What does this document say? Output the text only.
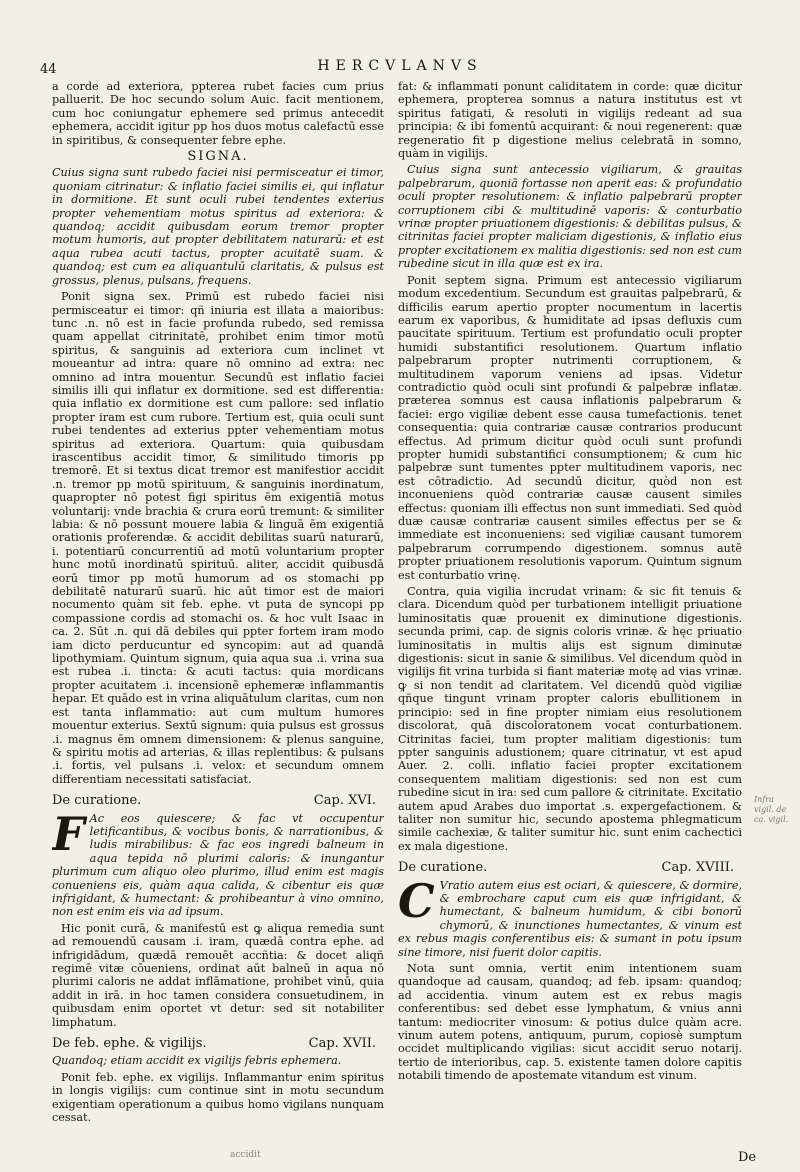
44	HERCVLANVS

a corde ad exteriora, ppterea rubet facies cum prius palluerit. De hoc secundo solum Auic. facit mentionem, cum hoc coniungatur ephemere sed primus antecedit ephemera, accidit igitur pp hos duos motus calefactū esse in spiritibus, & consequenter febre ephe.

SIGNA.

Cuius signa sunt rubedo faciei nisi permisceatur ei timor, quoniam citrinatur: & inflatio faciei similis ei, qui inflatur in dormitione. Et sunt oculi rubei tendentes exterius propter vehementiam motus spiritus ad exteriora: & quandoq; accidit quibusdam eorum tremor propter motum humoris, aut propter debilitatem naturarū: et est aqua rubea acuti tactus, propter acuitatē suam. & quandoq; est cum ea aliquantulū claritatis, & pulsus est grossus, plenus, pulsans, frequens.

Ponit signa sex. Primū est rubedo faciei nisi permisceatur ei timor: qñ iniuria est illata a maioribus: tunc .n. nō est in facie profunda rubedo, sed remissa quam appellat citrinitatē, prohibet enim timor motū spiritus, & sanguinis ad exteriora cum inclinet vt moueantur ad intra: quare nō omnino ad extra: nec omnino ad intra mouentur. Secundū est inflatio faciei similis illi qui inflatur ex dormitione. sed est differentia: quia inflatio ex dormitione est cum pallore: sed inflatio propter iram est cum rubore. Tertium est, quia oculi sunt rubei tendentes ad exterius ppter vehementiam motus spiritus ad exteriora. Quartum: quia quibusdam irascentibus accidit timor, & similitudo timoris pp tremorē. Et si textus dicat tremor est manifestior accidit .n. tremor pp motū spirituum, & sanguinis inordinatum, quapropter nō potest figi spiritus ēm exigentiā motus voluntarij: vnde brachia & crura eorū tremunt: & similiter labia: & nō possunt mouere labia & linguā ēm exigentiā orationis proferendæ. & accidit debilitas suarū naturarū, i. potentiarū concurrentiū ad motū voluntarium propter hunc motū inordinatū spirituū. aliter, accidit quibusdā eorū timor pp motū humorum ad os stomachi pp debilitatē naturarū suarū. hic aūt timor est de maiori nocumento quàm sit feb. ephe. vt puta de syncopi pp compassione cordis ad stomachi os. & hoc vult Isaac in ca. 2. Sūt .n. qui dā debiles qui ppter fortem iram modo iam dicto perducuntur ed syncopim: aut ad quandā lipothymiam. Quintum signum, quia aqua sua .i. vrina sua est rubea .i. tincta: & acuti tactus: quia mordicans propter acuitatem .i. incensionē ephemeræ inflammantis hepar. Et quādo est in vrina aliquātulum claritas, cum non est tanta inflammatio: aut cum multum humores mouentur exterius. Sextū signum: quia pulsus est grossus .i. magnus ēm omnem dimensionem: & plenus sanguine, & spiritu motis ad arterias, & illas replentibus: & pulsans .i. fortis, vel pulsans .i. velox: et secundum omnem differentiam necessitati satisfaciat.

De curatione.	Cap. XVI.

F Ac eos quiescere; & fac vt occupentur letificantibus, & vocibus bonis, & narrationibus, & ludis mirabilibus: & fac eos ingredi balneum in aqua tepida nō plurimi caloris: & inungantur plurimum cum aliquo oleo plurimo, illud enim est magis conueniens eis, quàm aqua calida, & cibentur eis quæ infrigidant, & humectant: & prohibeantur à vino omnino, non est enim eis via ad ipsum.

Hic ponit curā, & manifestū est ꝙ aliqua remedia sunt ad remouendū causam .i. iram, quædā contra ephe. ad infrigidādum, quædā remouēt accñtia: & docet aliqñ regimē vitæ cōueniens, ordinat aūt balneū in aqua nō plurimi caloris ne addat inflāmatione, prohibet vinū, quia addit in irā. in hoc tamen considera consuetudinem, in quibusdam enim oportet vt detur: sed sit notabiliter limphatum.

De feb. ephe. & vigilijs.	Cap. XVII.

Quandoq; etiam accidit ex vigilijs febris ephemera.

Ponit feb. ephe. ex vigilijs. Inflammantur enim spiritus in longis vigilijs: cum continue sint in motu secundum exigentiam operationum a quibus homo vigilans nunquam cessat.

fat: & inflammati ponunt caliditatem in corde: quæ dicitur ephemera, propterea somnus a natura institutus est vt spiritus fatigati, & resoluti in vigilijs redeant ad sua principia: & ibi fomentū acquirant: & noui regenerent: quæ regeneratio fit p digestione melius celebratā in somno, quàm in vigilijs.

Cuius signa sunt antecessio vigiliarum, & grauitas palpebrarum, quoniā fortasse non aperit eas: & profundatio oculi propter resolutionem: & inflatio palpebrarū propter corruptionem cibi & multitudinē vaporis: & conturbatio vrinæ propter priuationem digestionis: & debilitas pulsus, & citrinitas faciei propter maliciam digestionis, & inflatio eius propter excitationem ex malitia digestionis: sed non est cum rubedine sicut in illa quæ est ex ira.

Ponit septem signa. Primum est antecessio vigiliarum modum excedentium. Secundum est grauitas palpebrarū, & difficilis earum apertio propter nocumentum in lacertis earum ex vaporibus, & humiditate ad ipsas defluxis cum paucitate spirituum. Tertium est profundatio oculi propter humidi substantifici resolutionem. Quartum inflatio palpebrarum propter nutrimenti corruptionem, & multitudinem vaporum veniens ad ipsas. Videtur contradictio quòd oculi sint profundi & palpebræ inflatæ. præterea somnus est causa inflationis palpebrarum & faciei: ergo vigiliæ debent esse causa tumefactionis. tenet consequentia: quia contrariæ causæ contrarios producunt effectus. Ad primum dicitur quòd oculi sunt profundi propter humidi substantifici consumptionem; & cum hic palpebræ sunt tumentes ppter multitudinem vaporis, nec est cōtradictio. Ad secundū dicitur, quòd non est inconueniens quòd contrariæ causæ causent similes effectus: quoniam illi effectus non sunt immediati. Sed quòd duæ causæ contrariæ causent similes effectus per se & immediate est inconueniens: sed vigiliæ causant tumorem palpebrarum corrumpendo digestionem. somnus autē propter priuationem resolutionis vaporum. Quintum signum est conturbatio vrinę.

Contra, quia vigilia incrudat vrinam: & sic fit tenuis & clara. Dicendum quòd per turbationem intelligit priuatione luminositatis quæ prouenit ex diminutione digestionis. secunda primi, cap. de signis coloris vrinæ. & hęc priuatio luminositatis in multis alijs est signum diminutæ digestionis: sicut in sanie & similibus. Vel dicendum quòd in vigilijs fit vrina turbida si fiant materiæ motę ad vias vrinæ. ꝙ si non tendit ad claritatem. Vel dicendū quòd vigiliæ qñque tingunt vrinam propter caloris ebullitionem in principio: sed in fine propter nimiam eius resolutionem discolorat, quā discoloratonem vocat conturbationem. Citrinitas faciei, tum propter malitiam digestionis: tum ppter sanguinis adustionem; quare citrinatur, vt est apud Auer. 2. colli. inflatio faciei propter excitationem consequentem malitiam digestionis: sed non est cum rubedine sicut in ira: sed cum pallore & citrinitate. Excitatio autem apud Arabes duo importat .s. expergefactionem. & taliter non sumitur hic, secundo apostema phlegmaticum simile cachexiæ, & taliter sumitur hic. sunt enim cachectici ex mala digestione.

De curatione.	Cap. XVIII.

C Vratio autem eius est ociari, & quiescere, & dormire, & embrochare caput cum eis quæ infrigidant, & humectant, & balneum humidum, & cibi bonorū chymorū, & inunctiones humectantes, & vinum est ex rebus magis conferentibus eis: & sumant in potu ipsum sine timore, nisi fuerit dolor capitis.

Nota sunt omnia, vertit enim intentionem suam quandoque ad causam, quandoq; ad feb. ipsam: quandoq; ad accidentia. vinum autem est ex rebus magis conferentibus: sed debet esse lymphatum, & vnius anni tantum: mediocriter vinosum: & potius dulce quàm acre. vinum autem potens, antiquum, purum, copiosè sumptum occidet multiplicando vigilias: sicut accidit seruo notarij. tertio de interioribus, cap. 5. existente tamen dolore capitis notabili timendo de apostemate vitandum est vinum.

Infra vigil. de ca. vigil.
accidit	De
